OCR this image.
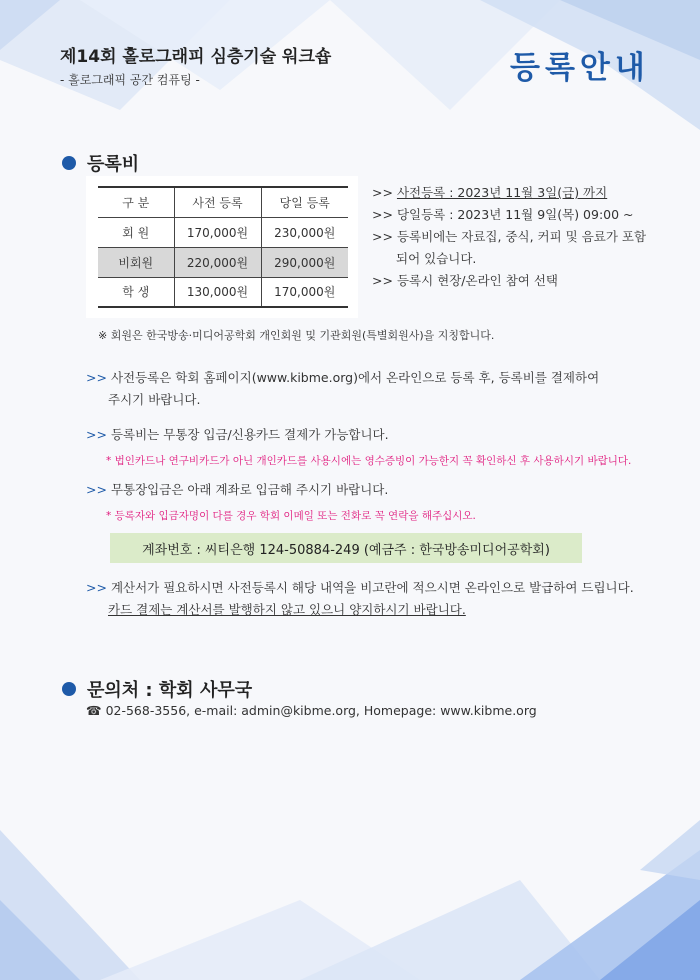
제14회 홀로그래피 심층기술 워크숍
- 홀로그래픽 공간 컴퓨팅 -	등록안내
등록비
구 분	사전 등록	당일 등록
회 원	170,000원	230,000원
비회원	220,000원	290,000원
학 생	130,000원	170,000원
>> 사전등록 : 2023년 11월 3일(금) 까지
>> 당일등록 : 2023년 11월 9일(목) 09:00 ~
>> 등록비에는 자료집, 중식, 커피 및 음료가 포함
되어 있습니다.
>> 등록시 현장/온라인 참여 선택
※ 회원은 한국방송·미디어공학회 개인회원 및 기관회원(특별회원사)을 지칭합니다.
>> 사전등록은 학회 홈페이지(www.kibme.org)에서 온라인으로 등록 후, 등록비를 결제하여
주시기 바랍니다.
>> 등록비는 무통장 입금/신용카드 결제가 가능합니다.
* 법인카드나 연구비카드가 아닌 개인카드를 사용시에는 영수증빙이 가능한지 꼭 확인하신 후 사용하시기 바랍니다.
>> 무통장입금은 아래 계좌로 입금해 주시기 바랍니다.
* 등록자와 입금자명이 다를 경우 학회 이메일 또는 전화로 꼭 연락을 해주십시오.
계좌번호 : 씨티은행 124-50884-249 (예금주 : 한국방송미디어공학회)
>> 계산서가 필요하시면 사전등록시 해당 내역을 비고란에 적으시면 온라인으로 발급하여 드립니다.
카드 결제는 계산서를 발행하지 않고 있으니 양지하시기 바랍니다.
문의처 : 학회 사무국
☎ 02-568-3556, e-mail: admin@kibme.org, Homepage: www.kibme.org
